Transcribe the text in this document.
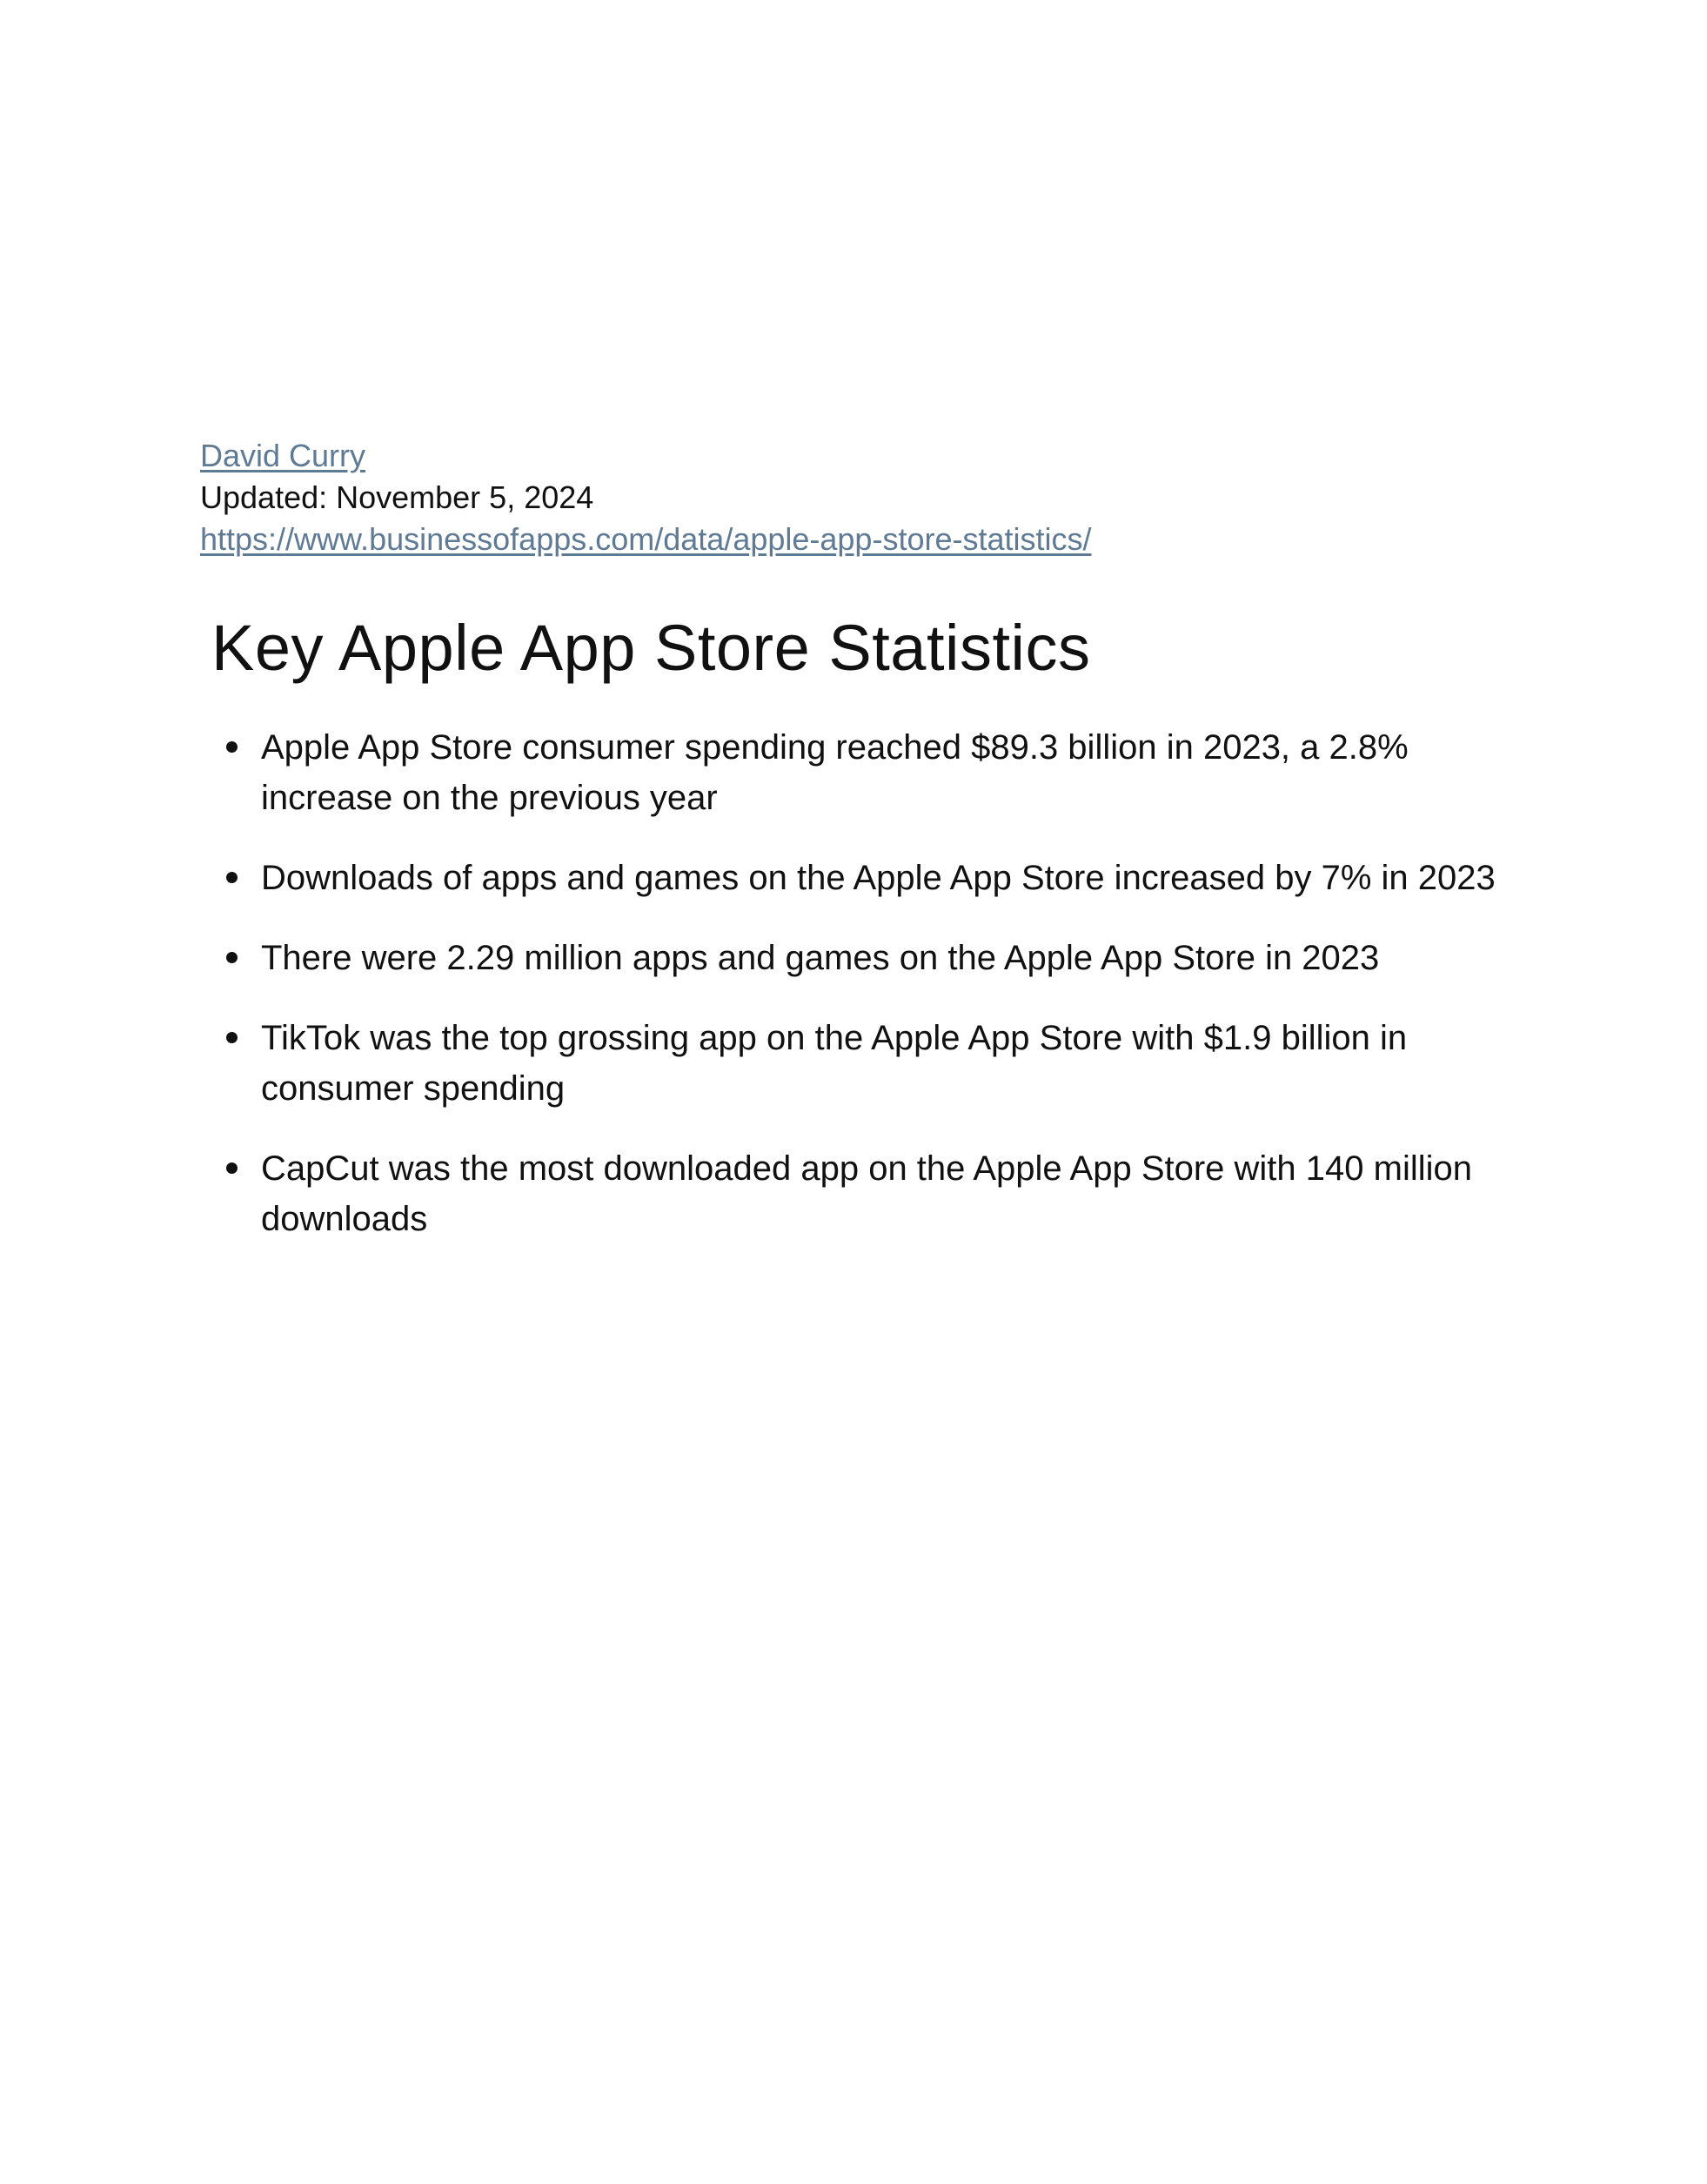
David Curry
Updated: November 5, 2024
https://www.businessofapps.com/data/apple-app-store-statistics/
Key Apple App Store Statistics
Apple App Store consumer spending reached $89.3 billion in 2023, a 2.8% increase on the previous year
Downloads of apps and games on the Apple App Store increased by 7% in 2023
There were 2.29 million apps and games on the Apple App Store in 2023
TikTok was the top grossing app on the Apple App Store with $1.9 billion in consumer spending
CapCut was the most downloaded app on the Apple App Store with 140 million downloads
